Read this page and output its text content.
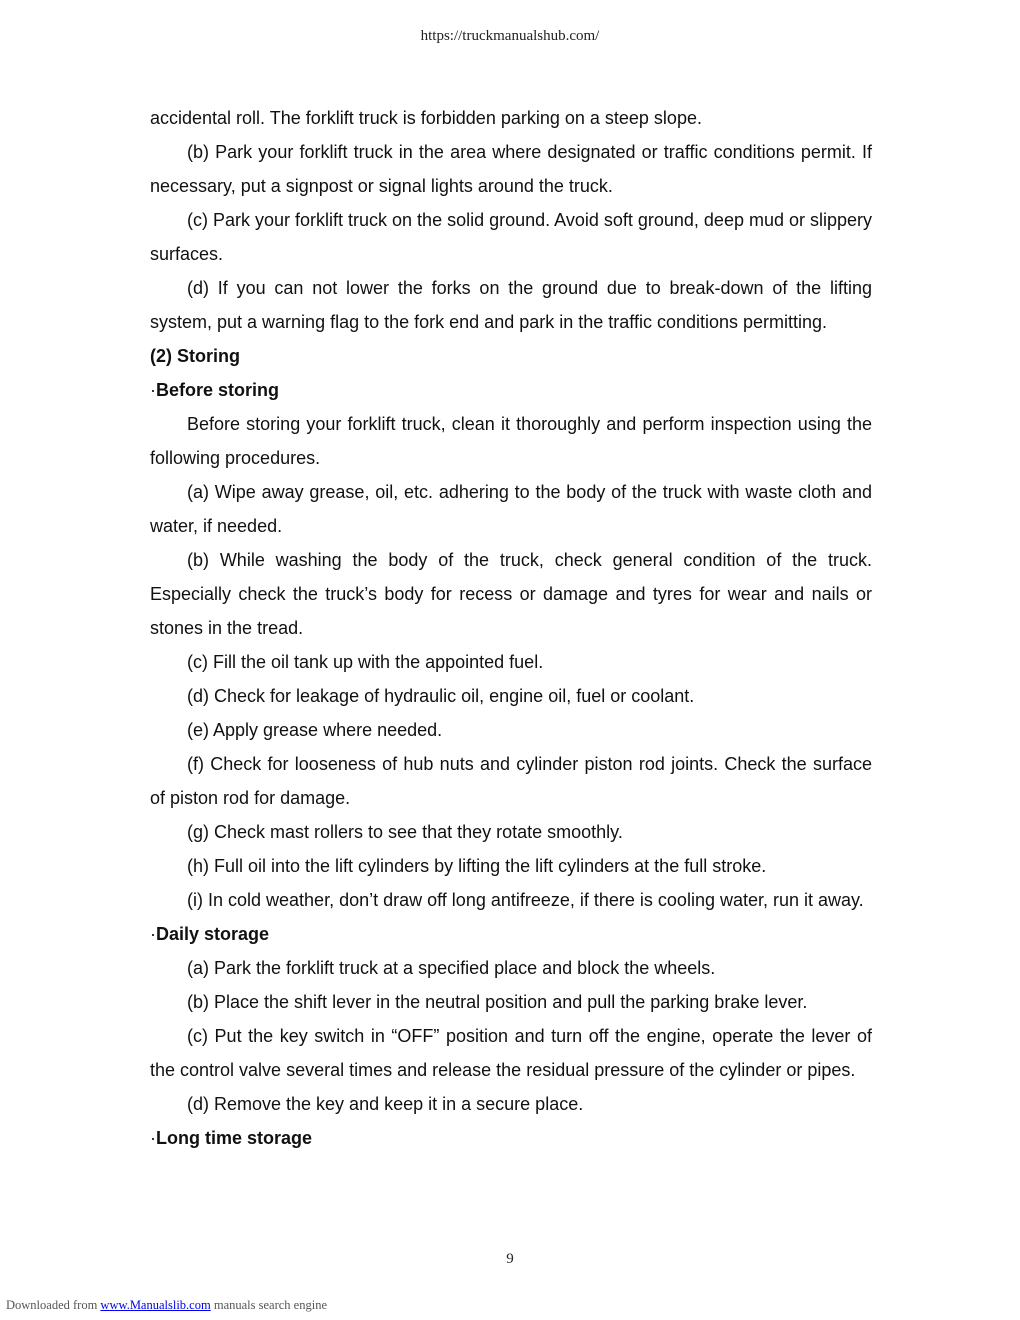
https://truckmanualshub.com/

accidental roll. The forklift truck is forbidden parking on a steep slope.

(b) Park your forklift truck in the area where designated or traffic conditions permit. If necessary, put a signpost or signal lights around the truck.

(c) Park your forklift truck on the solid ground. Avoid soft ground, deep mud or slippery surfaces.

(d) If you can not lower the forks on the ground due to break-down of the lifting system, put a warning flag to the fork end and park in the traffic conditions permitting.

(2) Storing

·Before storing

Before storing your forklift truck, clean it thoroughly and perform inspection using the following procedures.

(a) Wipe away grease, oil, etc. adhering to the body of the truck with waste cloth and water, if needed.

(b) While washing the body of the truck, check general condition of the truck. Especially check the truck’s body for recess or damage and tyres for wear and nails or stones in the tread.

(c) Fill the oil tank up with the appointed fuel.

(d) Check for leakage of hydraulic oil, engine oil, fuel or coolant.

(e) Apply grease where needed.

(f) Check for looseness of hub nuts and cylinder piston rod joints. Check the surface of piston rod for damage.

(g) Check mast rollers to see that they rotate smoothly.

(h) Full oil into the lift cylinders by lifting the lift cylinders at the full stroke.

(i) In cold weather, don’t draw off long antifreeze, if there is cooling water, run it away.

·Daily storage

(a) Park the forklift truck at a specified place and block the wheels.

(b) Place the shift lever in the neutral position and pull the parking brake lever.

(c) Put the key switch in “OFF” position and turn off the engine, operate the lever of the control valve several times and release the residual pressure of the cylinder or pipes.

(d) Remove the key and keep it in a secure place.

·Long time storage

9
Downloaded from www.Manualslib.com manuals search engine
